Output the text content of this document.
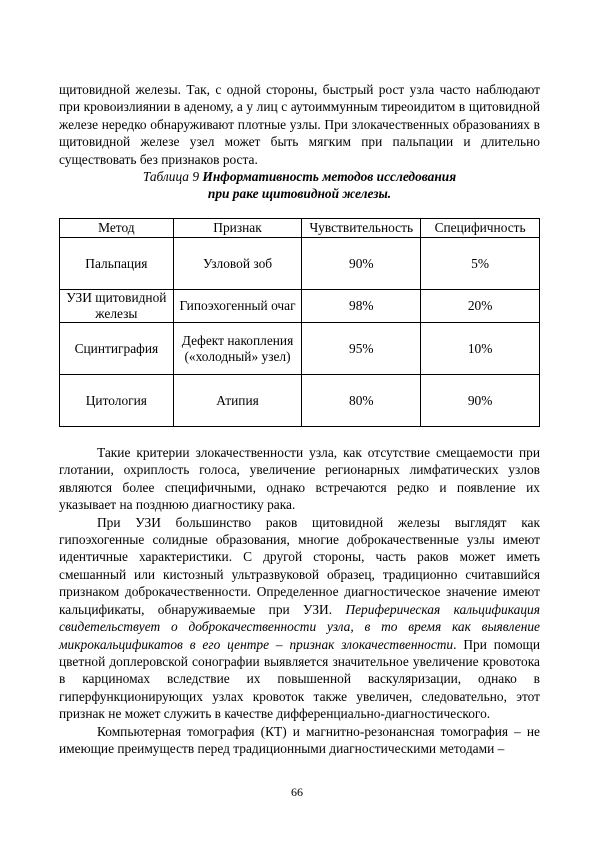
щитовидной железы. Так, с одной стороны, быстрый рост узла часто наблюдают при кровоизлиянии в аденому, а у лиц с аутоиммунным тиреоидитом в щитовидной железе нередко обнаруживают плотные узлы. При злокачественных образованиях в щитовидной железе узел может быть мягким при пальпации и длительно существовать без признаков роста.

Таблица 9 Информативность методов исследования
при раке щитовидной железы.
Метод	Признак	Чувствительность	Специфичность
Пальпация	Узловой зоб	90%	5%
УЗИ щитовидной железы	Гипоэхогенный очаг	98%	20%
Сцинтиграфия	Дефект накопления («холодный» узел)	95%	10%
Цитология	Атипия	80%	90%

Такие критерии злокачественности узла, как отсутствие смещаемости при глотании, охриплость голоса, увеличение регионарных лимфатических узлов являются более специфичными, однако встречаются редко и появление их указывает на позднюю диагностику рака.

При УЗИ большинство раков щитовидной железы выглядят как гипоэхогенные солидные образования, многие доброкачественные узлы имеют идентичные характеристики. С другой стороны, часть раков может иметь смешанный или кистозный ультразвуковой образец, традиционно считавшийся признаком доброкачественности. Определенное диагностическое значение имеют кальцификаты, обнаруживаемые при УЗИ. Периферическая кальцификация свидетельствует о доброкачественности узла, в то время как выявление микрокальцификатов в его центре – признак злокачественности. При помощи цветной доплеровской сонографии выявляется значительное увеличение кровотока в карциномах вследствие их повышенной васкуляризации, однако в гиперфункционирующих узлах кровоток также увеличен, следовательно, этот признак не может служить в качестве дифференциально-диагностического.

Компьютерная томография (КТ) и магнитно-резонансная томография – не имеющие преимуществ перед традиционными диагностическими методами –

66
